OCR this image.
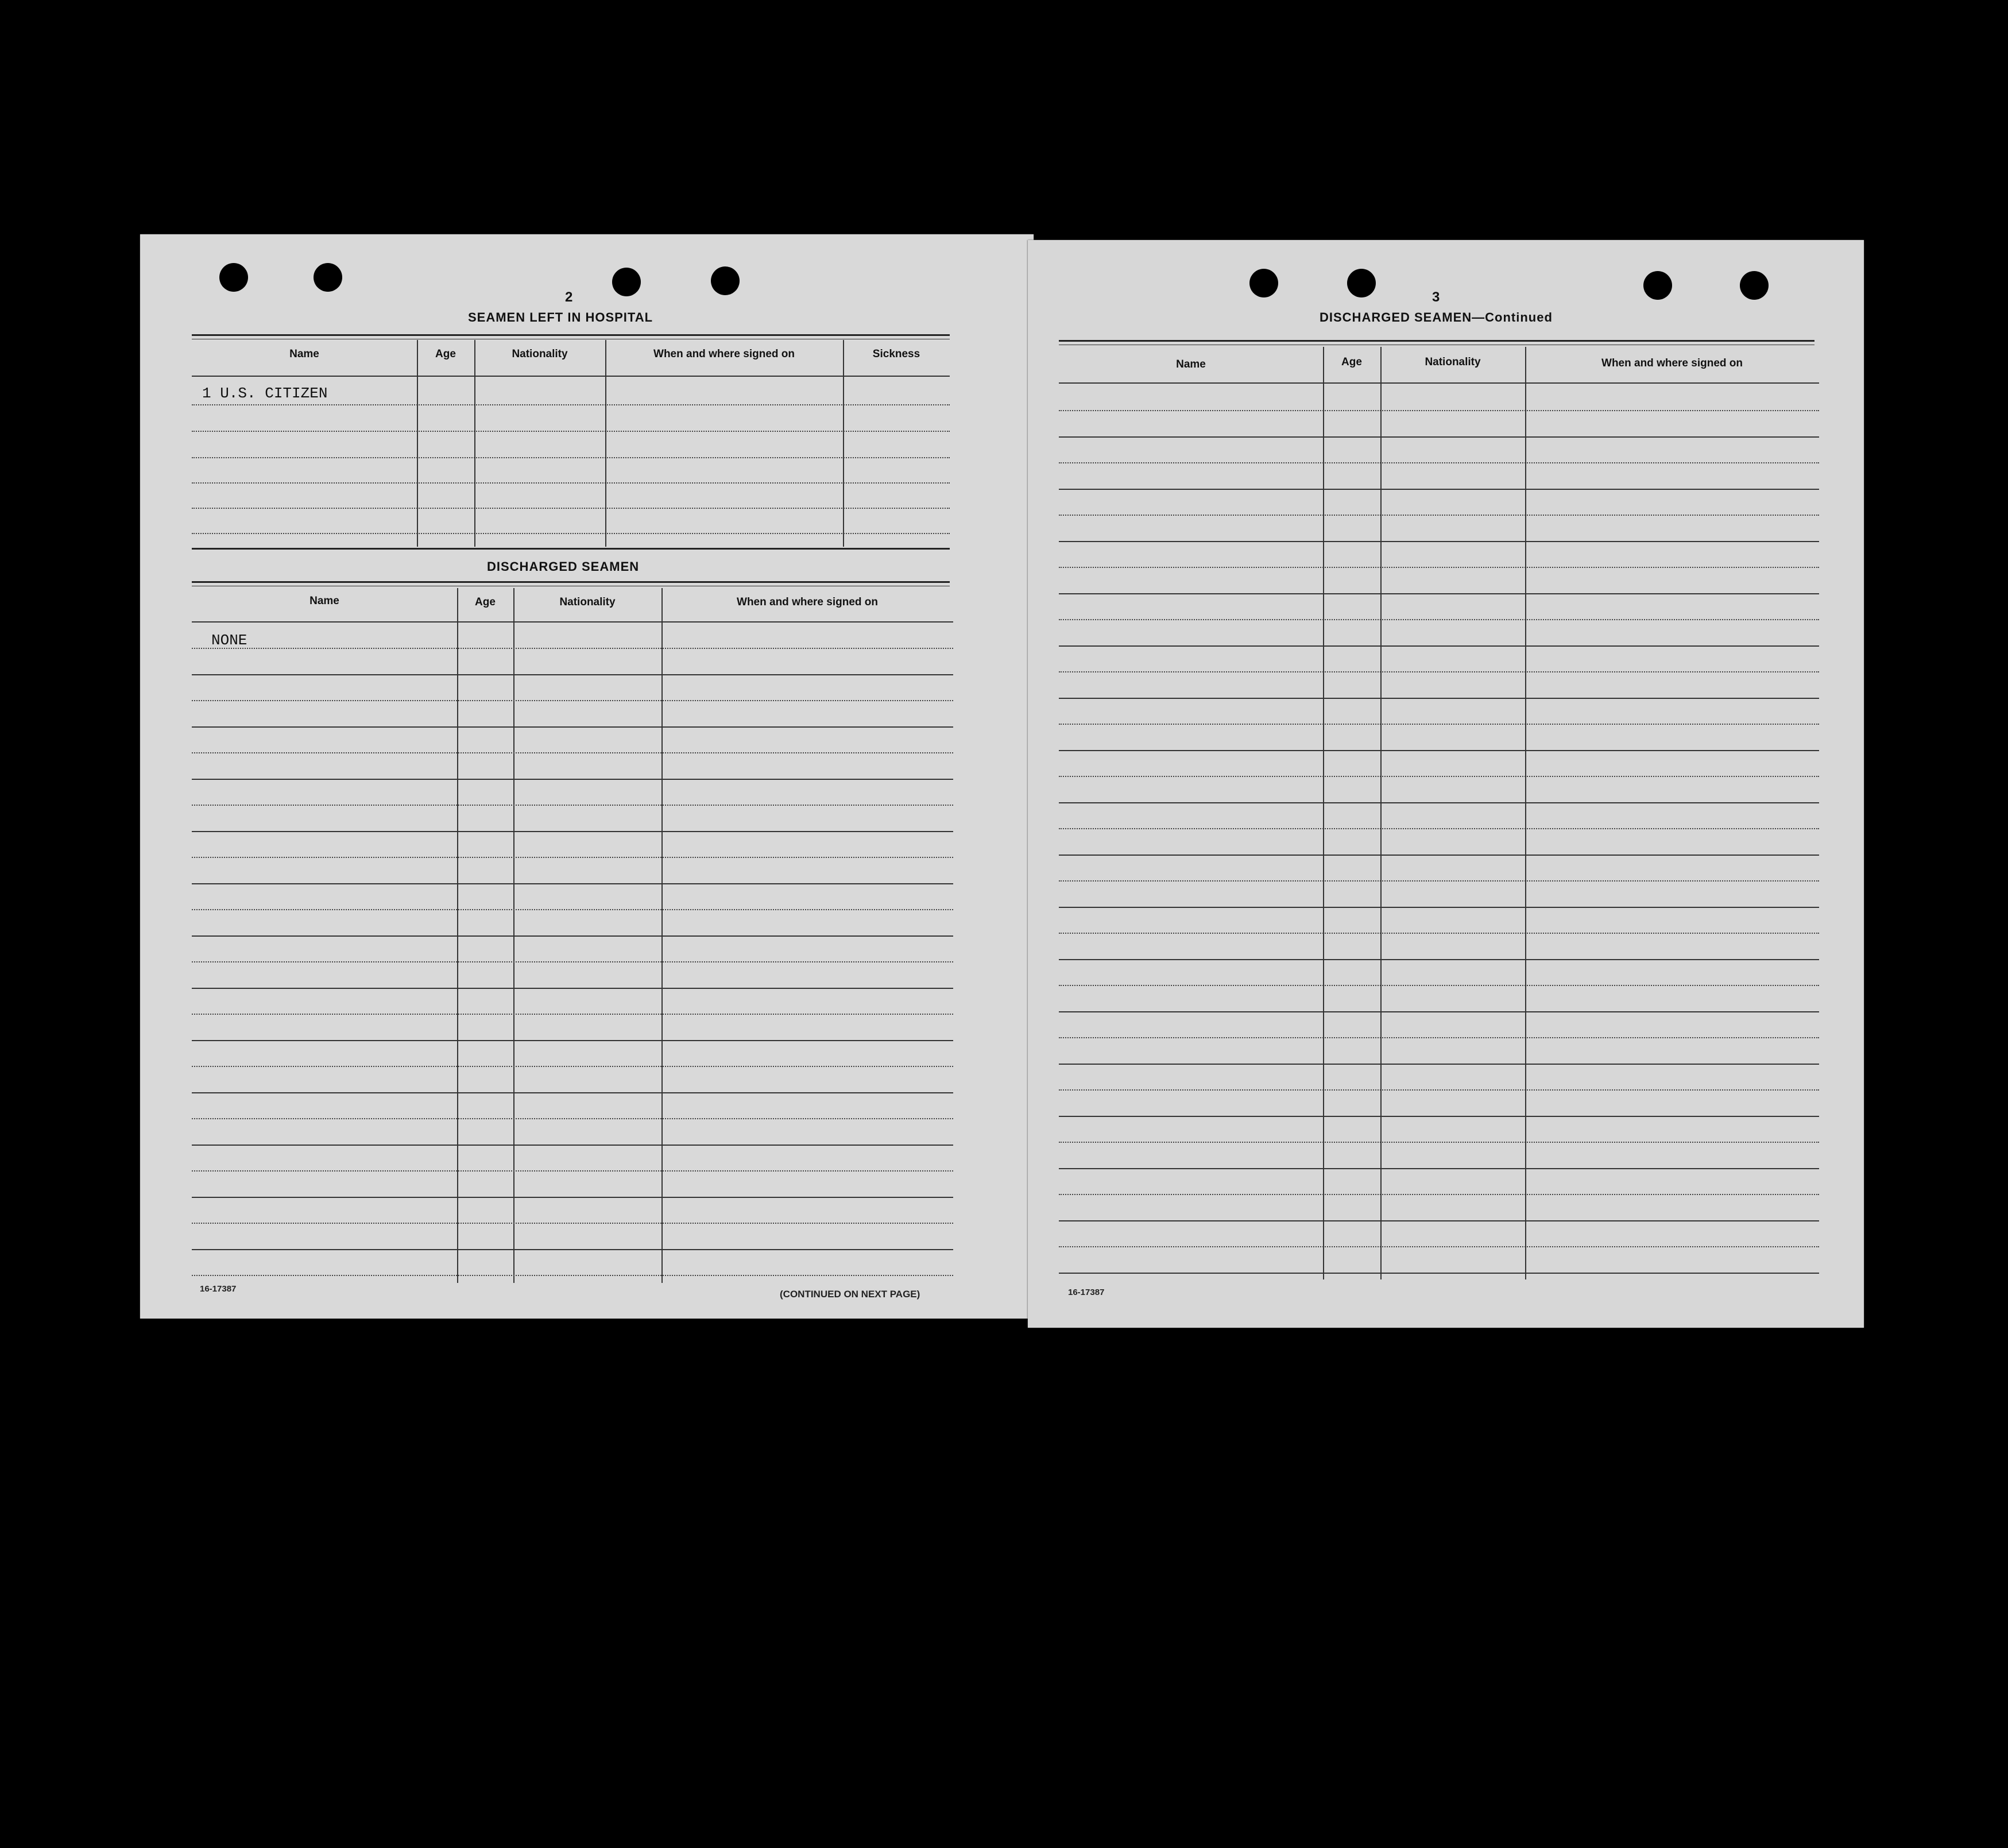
2
SEAMEN LEFT IN HOSPITAL
Name	Age	Nationality	When and where signed on	Sickness
1 U.S. CITIZEN
DISCHARGED SEAMEN
Name	Age	Nationality	When and where signed on
NONE
16-17387	(CONTINUED ON NEXT PAGE)
3
DISCHARGED SEAMEN—Continued
Name	Age	Nationality	When and where signed on
16-17387
